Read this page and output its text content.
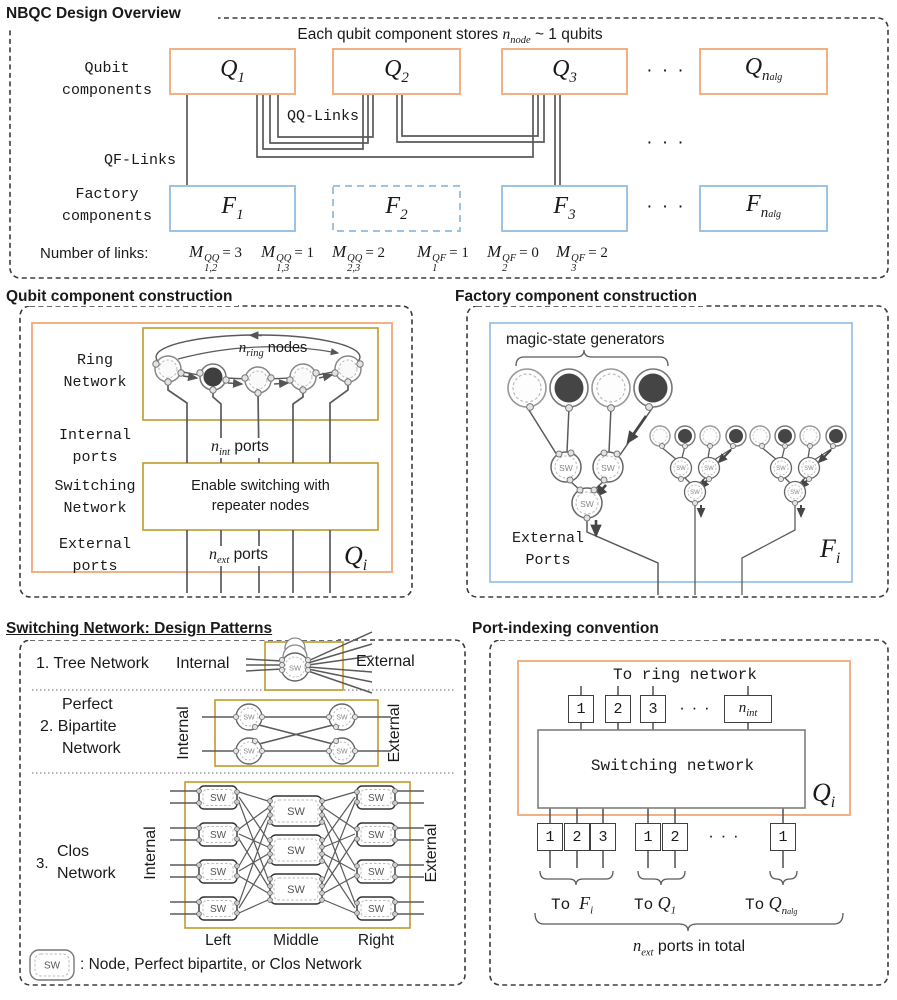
SW	SW
SW
SW	SW
SW
SW	SW
SW
SW
SW	SW
SW	SW
SW
SW
SW
SW
SW
SW
SW
SW
SW
SW
SW
SW
NBQC Design Overview
Each qubit component stores $n_{node}$ ~ 1 qubits
Qubit
components
Factory
components
$Q_1$	$Q_2$	$Q_3$	· · ·	$Q_{nalg}$
$F_1$	$F_2$	$F_3$	· · ·	$F_{nalg}$
· · ·
QQ-Links
QF-Links
Number of links: M QQ
1,2
= 3 M QQ
1,3
= 1 M QQ
2,3
= 2 M QF
1
= 1 M QF
2
= 0 M QF
3
= 2
Qubit component construction
Ring
Network
Internal
ports
Switching
Network
External
ports
$n_{ring}$ nodes
$n_{int}$ ports
Enable switching with
repeater nodes
$n_{ext}$ ports	$Q_i$
Factory component construction
magic-state generators
External
Ports	$F_i$
Switching Network: Design Patterns
1. Tree Network Internal	External
Perfect
2. Bipartite
Network	Internal	External
3.
Clos
Network Internal	External
Left	Middle	Right
: Node, Perfect bipartite, or Clos Network
Port-indexing convention
To ring network
1	2	3	· · ·	$n_{int}$
Switching network
$Q_i$
1	2	3	1	2	· · ·	1
To $F_i$	To $Q_1$	To $Q_{nalg}$
$n_{ext}$ ports in total
